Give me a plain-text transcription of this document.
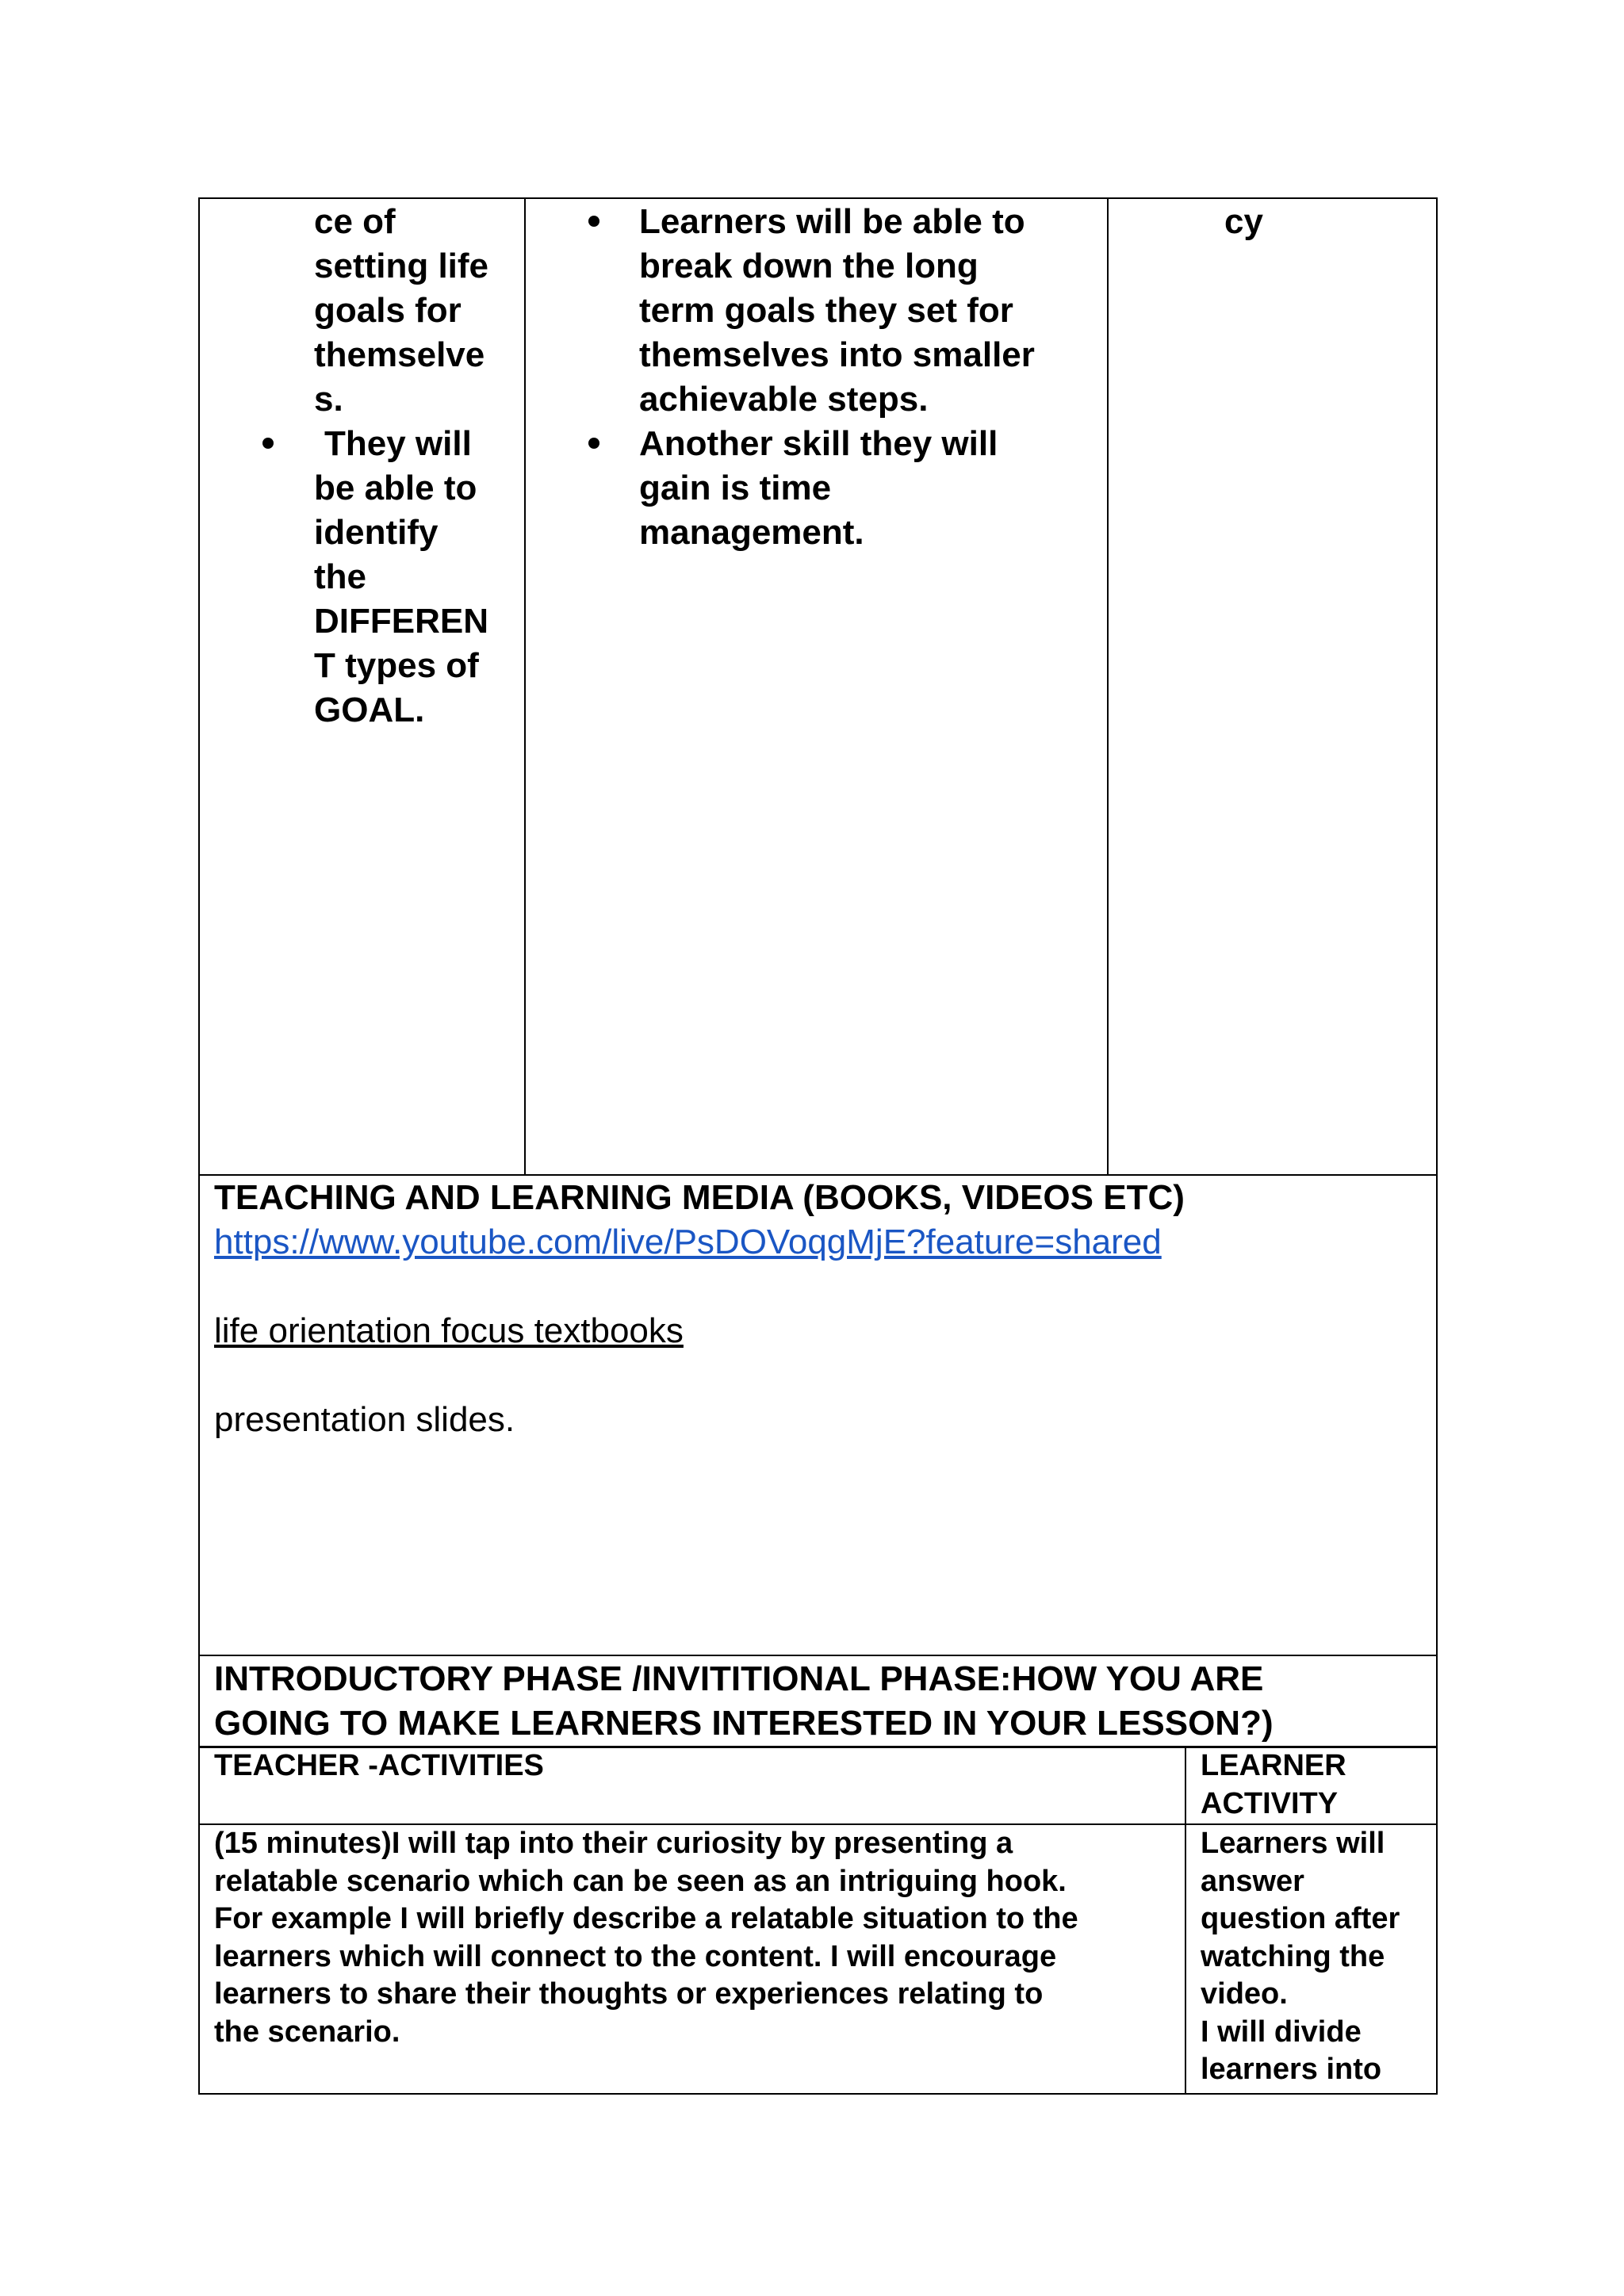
ce of
setting life
goals for
themselve
s.
They will
be able to
identify
the
DIFFEREN
T types of
GOAL.
Learners will be able to
break down the long
term goals they set for
themselves into smaller
achievable steps.
Another skill they will
gain is time
management.
cy
TEACHING AND LEARNING MEDIA (BOOKS, VIDEOS ETC)
https://www.youtube.com/live/PsDOVoqgMjE?feature=shared
life orientation focus textbooks
presentation slides.
INTRODUCTORY PHASE /INVITITIONAL PHASE:HOW YOU ARE
GOING TO MAKE LEARNERS INTERESTED IN YOUR LESSON?)
TEACHER -ACTIVITIES	LEARNER
ACTIVITY
(15 minutes)I will tap into their curiosity by presenting a
relatable scenario which can be seen as an intriguing hook.
For example I will briefly describe a relatable situation to the
learners which will connect to the content. I will encourage
learners to share their thoughts or experiences relating to
the scenario.
Learners will
answer
question after
watching the
video.
I will divide
learners into
